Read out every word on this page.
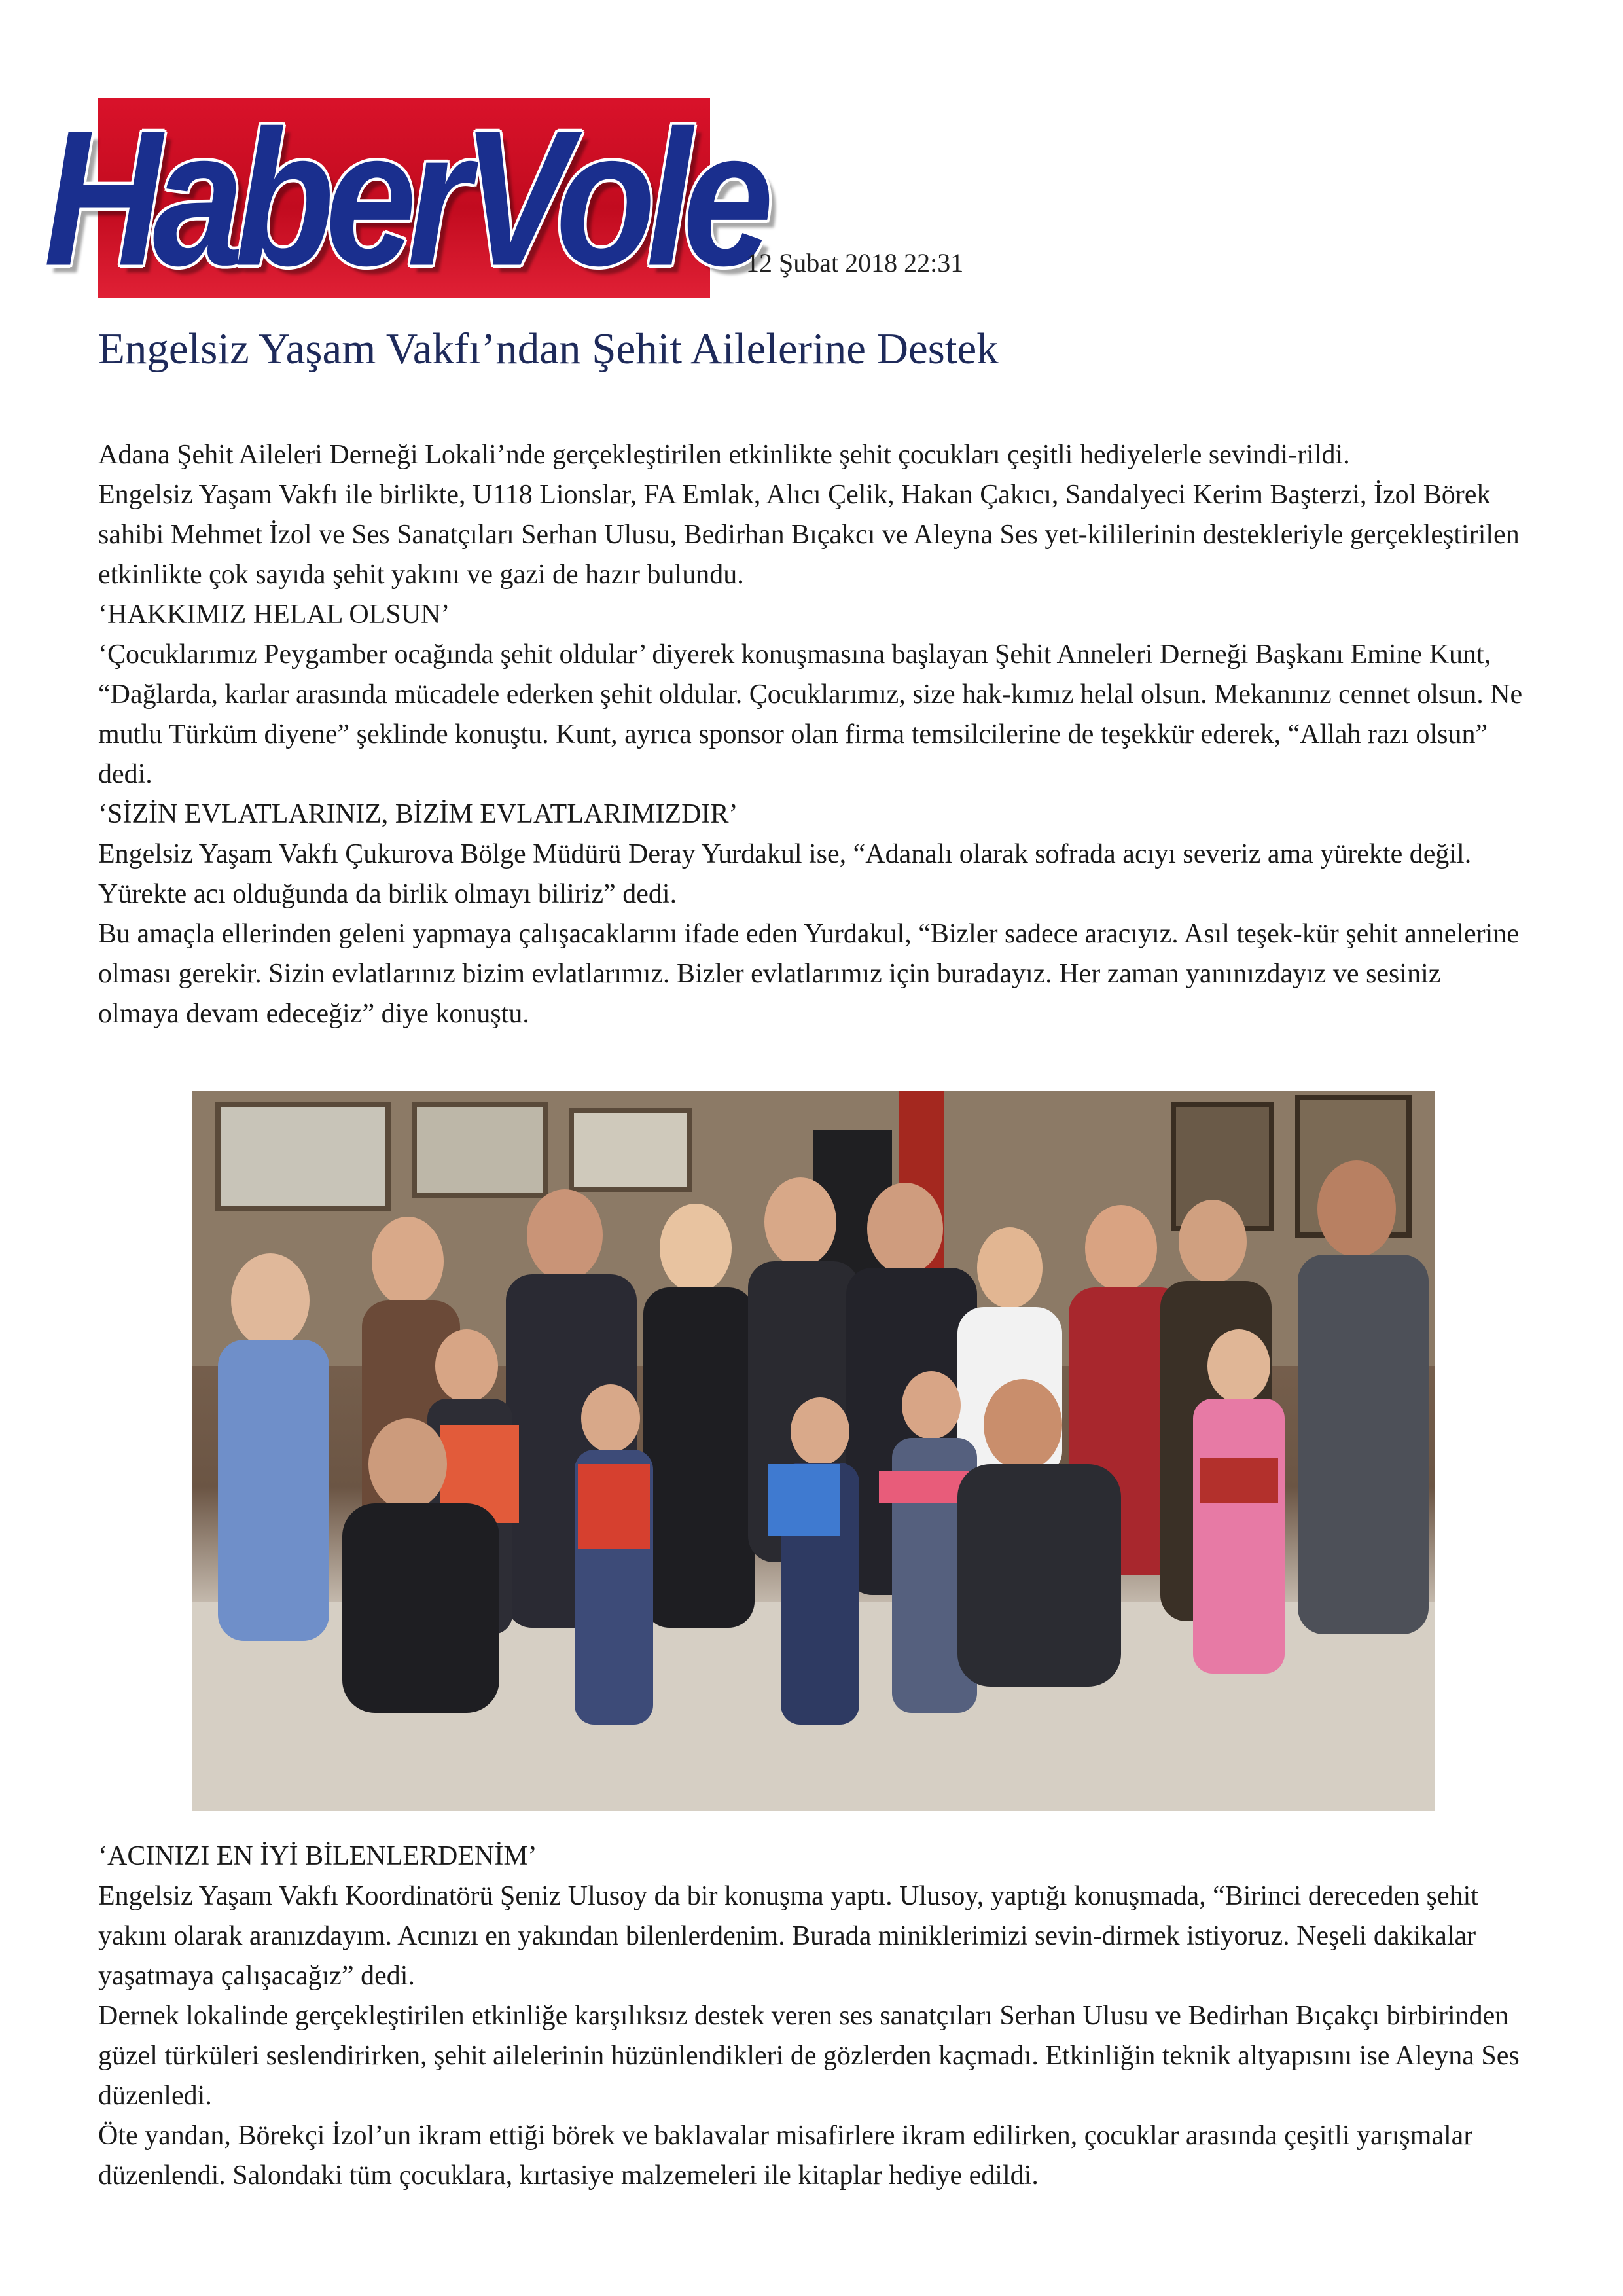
HaberVole
12 Şubat 2018 22:31
Engelsiz Yaşam Vakfı’ndan Şehit Ailelerine Destek

Adana Şehit Aileleri Derneği Lokali’nde gerçekleştirilen etkinlikte şehit çocukları çeşitli hediyelerle sevindi-rildi.

Engelsiz Yaşam Vakfı ile birlikte, U118 Lionslar, FA Emlak, Alıcı Çelik, Hakan Çakıcı, Sandalyeci Kerim Başterzi, İzol Börek sahibi Mehmet İzol ve Ses Sanatçıları Serhan Ulusu, Bedirhan Bıçakcı ve Aleyna Ses yet-kililerinin destekleriyle gerçekleştirilen etkinlikte çok sayıda şehit yakını ve gazi de hazır bulundu.

‘HAKKIMIZ HELAL OLSUN’

‘Çocuklarımız Peygamber ocağında şehit oldular’ diyerek konuşmasına başlayan Şehit Anneleri Derneği Başkanı Emine Kunt, “Dağlarda, karlar arasında mücadele ederken şehit oldular. Çocuklarımız, size hak-kımız helal olsun. Mekanınız cennet olsun. Ne mutlu Türküm diyene” şeklinde konuştu. Kunt, ayrıca sponsor olan firma temsilcilerine de teşekkür ederek, “Allah razı olsun” dedi.

‘SİZİN EVLATLARINIZ, BİZİM EVLATLARIMIZDIR’

Engelsiz Yaşam Vakfı Çukurova Bölge Müdürü Deray Yurdakul ise, “Adanalı olarak sofrada acıyı severiz ama yürekte değil. Yürekte acı olduğunda da birlik olmayı biliriz” dedi.

Bu amaçla ellerinden geleni yapmaya çalışacaklarını ifade eden Yurdakul, “Bizler sadece aracıyız. Asıl teşek-kür şehit annelerine olması gerekir. Sizin evlatlarınız bizim evlatlarımız. Bizler evlatlarımız için buradayız. Her zaman yanınızdayız ve sesiniz olmaya devam edeceğiz” diye konuştu.

‘ACINIZI EN İYİ BİLENLERDENİM’

Engelsiz Yaşam Vakfı Koordinatörü Şeniz Ulusoy da bir konuşma yaptı. Ulusoy, yaptığı konuşmada, “Birinci dereceden şehit yakını olarak aranızdayım. Acınızı en yakından bilenlerdenim. Burada miniklerimizi sevin-dirmek istiyoruz. Neşeli dakikalar yaşatmaya çalışacağız” dedi.

Dernek lokalinde gerçekleştirilen etkinliğe karşılıksız destek veren ses sanatçıları Serhan Ulusu ve Bedirhan Bıçakçı birbirinden güzel türküleri seslendirirken, şehit ailelerinin hüzünlendikleri de gözlerden kaçmadı. Etkinliğin teknik altyapısını ise Aleyna Ses düzenledi.

Öte yandan, Börekçi İzol’un ikram ettiği börek ve baklavalar misafirlere ikram edilirken, çocuklar arasında çeşitli yarışmalar düzenlendi. Salondaki tüm çocuklara, kırtasiye malzemeleri ile kitaplar hediye edildi.
